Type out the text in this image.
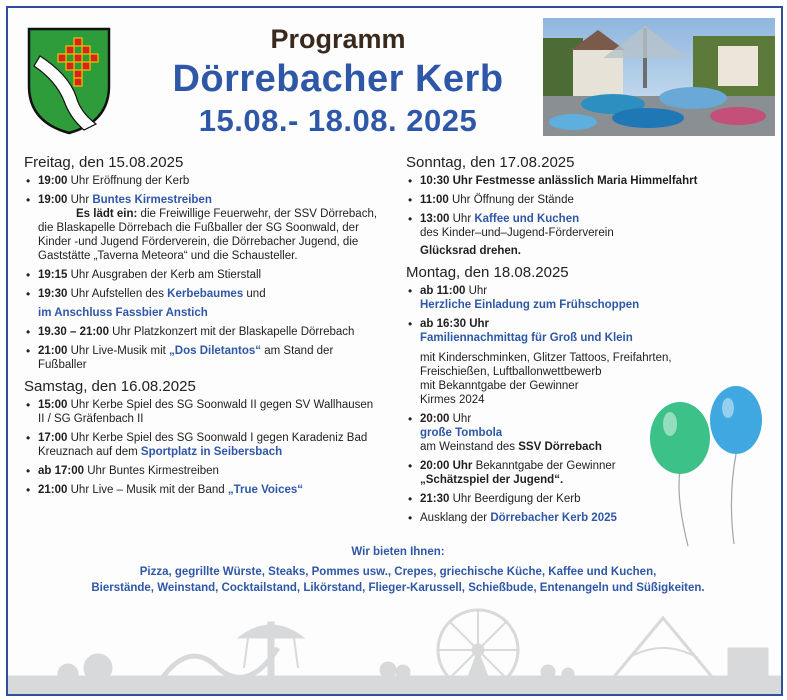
Programm
Dörrebacher Kerb
15.08.- 18.08. 2025
Freitag, den 15.08.2025
• 19:00 Uhr Eröffnung der Kerb
• 19:00 Uhr Buntes Kirmestreiben
Es lädt ein: die Freiwillige Feuerwehr, der SSV Dörrebach, die Blaskapelle Dörrebach die Fußballer der SG Soonwald, der Kinder -und Jugend Förderverein, die Dörrebacher Jugend, die Gaststätte „Taverna Meteora“ und die Schausteller.
• 19:15 Uhr Ausgraben der Kerb am Stierstall
• 19:30 Uhr Aufstellen des Kerbebaumes und
im Anschluss Fassbier Anstich
• 19.30 – 21:00 Uhr Platzkonzert mit der Blaskapelle Dörrebach
• 21:00 Uhr Live-Musik mit „Dos Diletantos“ am Stand der Fußballer
Samstag, den 16.08.2025
• 15:00 Uhr Kerbe Spiel des SG Soonwald II gegen SV Wallhausen II / SG Gräfenbach II
• 17:00 Uhr Kerbe Spiel des SG Soonwald I gegen Karadeniz Bad Kreuznach auf dem Sportplatz in Seibersbach
• ab 17:00 Uhr Buntes Kirmestreiben
• 21:00 Uhr Live – Musik mit der Band „True Voices“
Sonntag, den 17.08.2025
• 10:30 Uhr Festmesse anlässlich Maria Himmelfahrt
• 11:00 Uhr Öffnung der Stände
• 13:00 Uhr Kaffee und Kuchen
des Kinder–und–Jugend-Förderverein
Glücksrad drehen.
Montag, den 18.08.2025
• ab 11:00 Uhr
Herzliche Einladung zum Frühschoppen
• ab 16:30 Uhr
Familiennachmittag für Groß und Klein
mit Kinderschminken, Glitzer Tattoos, Freifahrten,
Freischießen, Luftballonwettbewerb
mit Bekanntgabe der Gewinner
Kirmes 2024
• 20:00 Uhr
große Tombola
am Weinstand des SSV Dörrebach
• 20:00 Uhr Bekanntgabe der Gewinner
„Schätzspiel der Jugend“.
• 21:30 Uhr Beerdigung der Kerb
• Ausklang der Dörrebacher Kerb 2025
Wir bieten Ihnen:
Pizza, gegrillte Würste, Steaks, Pommes usw., Crepes, griechische Küche, Kaffee und Kuchen,
Bierstände, Weinstand, Cocktailstand, Likörstand, Flieger-Karussell, Schießbude, Entenangeln und Süßigkeiten.
